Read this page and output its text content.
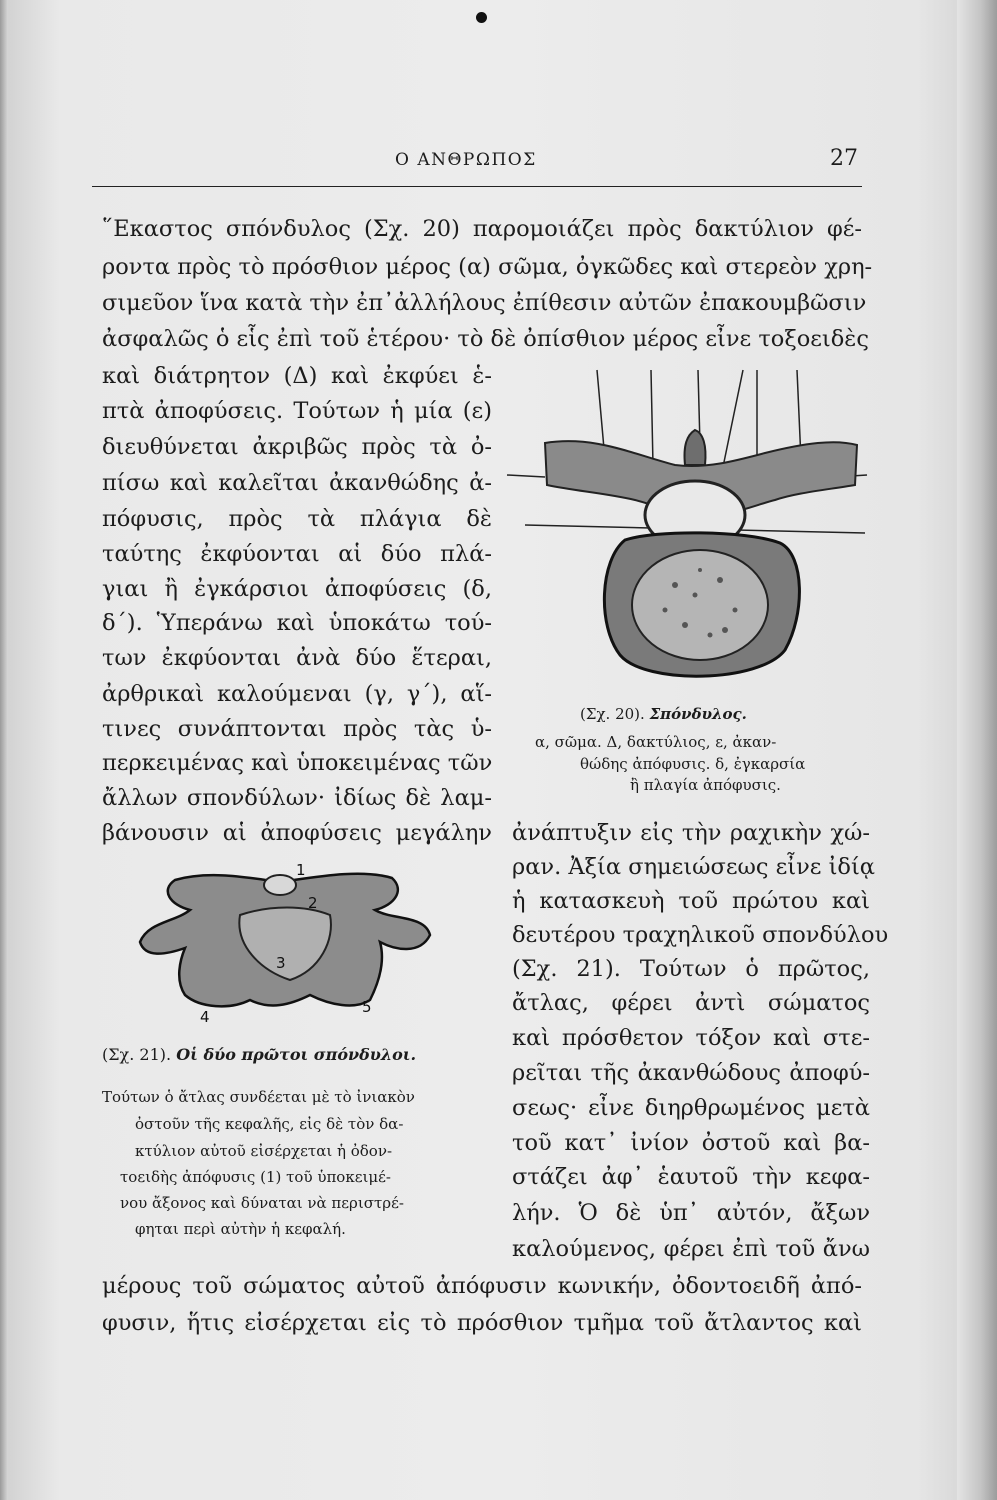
Ο ΑΝΘΡΩΠΟΣ	27
῞Εκαστος σπόνδυλος (Σχ. 20) παρομοιάζει πρὸς δακτύλιον φέ-
ροντα πρὸς τὸ πρόσθιον μέρος (α) σῶμα, ὀγκῶδες καὶ στερεὸν χρη-
σιμεῦον ἵνα κατὰ τὴν ἐπ᾽ἀλλήλους ἐπίθεσιν αὐτῶν ἐπακουμβῶσιν
ἀσφαλῶς ὁ εἷς ἐπὶ τοῦ ἑτέρου· τὸ δὲ ὀπίσθιον μέρος εἶνε τοξοειδὲς
καὶ διάτρητον (Δ) καὶ ἐκφύει ἑ-
πτὰ ἀποφύσεις. Τούτων ἡ μία (ε)
διευθύνεται ἀκριβῶς πρὸς τὰ ὀ-
πίσω καὶ καλεῖται ἀκανθώδης ἀ-
πόφυσις, πρὸς τὰ πλάγια δὲ
ταύτης ἐκφύονται αἱ δύο πλά-
γιαι ἢ ἐγκάρσιοι ἀποφύσεις (δ,
δ΄). Ὑπεράνω καὶ ὑποκάτω τού-
των ἐκφύονται ἀνὰ δύο ἕτεραι,
ἀρθρικαὶ καλούμεναι (γ, γ΄), αἵ-
τινες συνάπτονται πρὸς τὰς ὑ-
περκειμένας καὶ ὑποκειμένας τῶν
ἄλλων σπονδύλων· ἰδίως δὲ λαμ-
βάνουσιν αἱ ἀποφύσεις μεγάλην
(Σχ. 20). Σπόνδυλος.
α, σῶμα. Δ, δακτύλιος, ε, ἀκαν-
θώδης ἀπόφυσις. δ, ἐγκαρσία
ἢ πλαγία ἀπόφυσις.
ἀνάπτυξιν εἰς τὴν ραχικὴν χώ-
ραν. Ἀξία σημειώσεως εἶνε ἰδίᾳ
ἡ κατασκευὴ τοῦ πρώτου καὶ
δευτέρου τραχηλικοῦ σπονδύλου
(Σχ. 21). Τούτων ὁ πρῶτος,
ἄτλας, φέρει ἀντὶ σώματος
καὶ πρόσθετον τόξον καὶ στε-
ρεῖται τῆς ἀκανθώδους ἀποφύ-
σεως· εἶνε διηρθρωμένος μετὰ
τοῦ κατ᾽ ἰνίον ὀστοῦ καὶ βα-
στάζει ἀφ᾽ ἑαυτοῦ τὴν κεφα-
λήν. Ὁ δὲ ὑπ᾽ αὐτόν, ἄξων
καλούμενος, φέρει ἐπὶ τοῦ ἄνω
1
2
3
4
5
(Σχ. 21). Οἱ δύο πρῶτοι σπόνδυλοι.
Τούτων ὁ ἄτλας συνδέεται μὲ τὸ ἰνιακὸν
ὀστοῦν τῆς κεφαλῆς, εἰς δὲ τὸν δα-
κτύλιον αὐτοῦ εἰσέρχεται ἡ ὀδον-
τοειδὴς ἀπόφυσις (1) τοῦ ὑποκειμέ-
νου ἄξονος καὶ δύναται νὰ περιστρέ-
φηται περὶ αὐτὴν ἡ κεφαλή.
μέρους τοῦ σώματος αὐτοῦ ἀπόφυσιν κωνικήν, ὀδοντοειδῆ ἀπό-
φυσιν, ἥτις εἰσέρχεται εἰς τὸ πρόσθιον τμῆμα τοῦ ἄτλαντος καὶ
